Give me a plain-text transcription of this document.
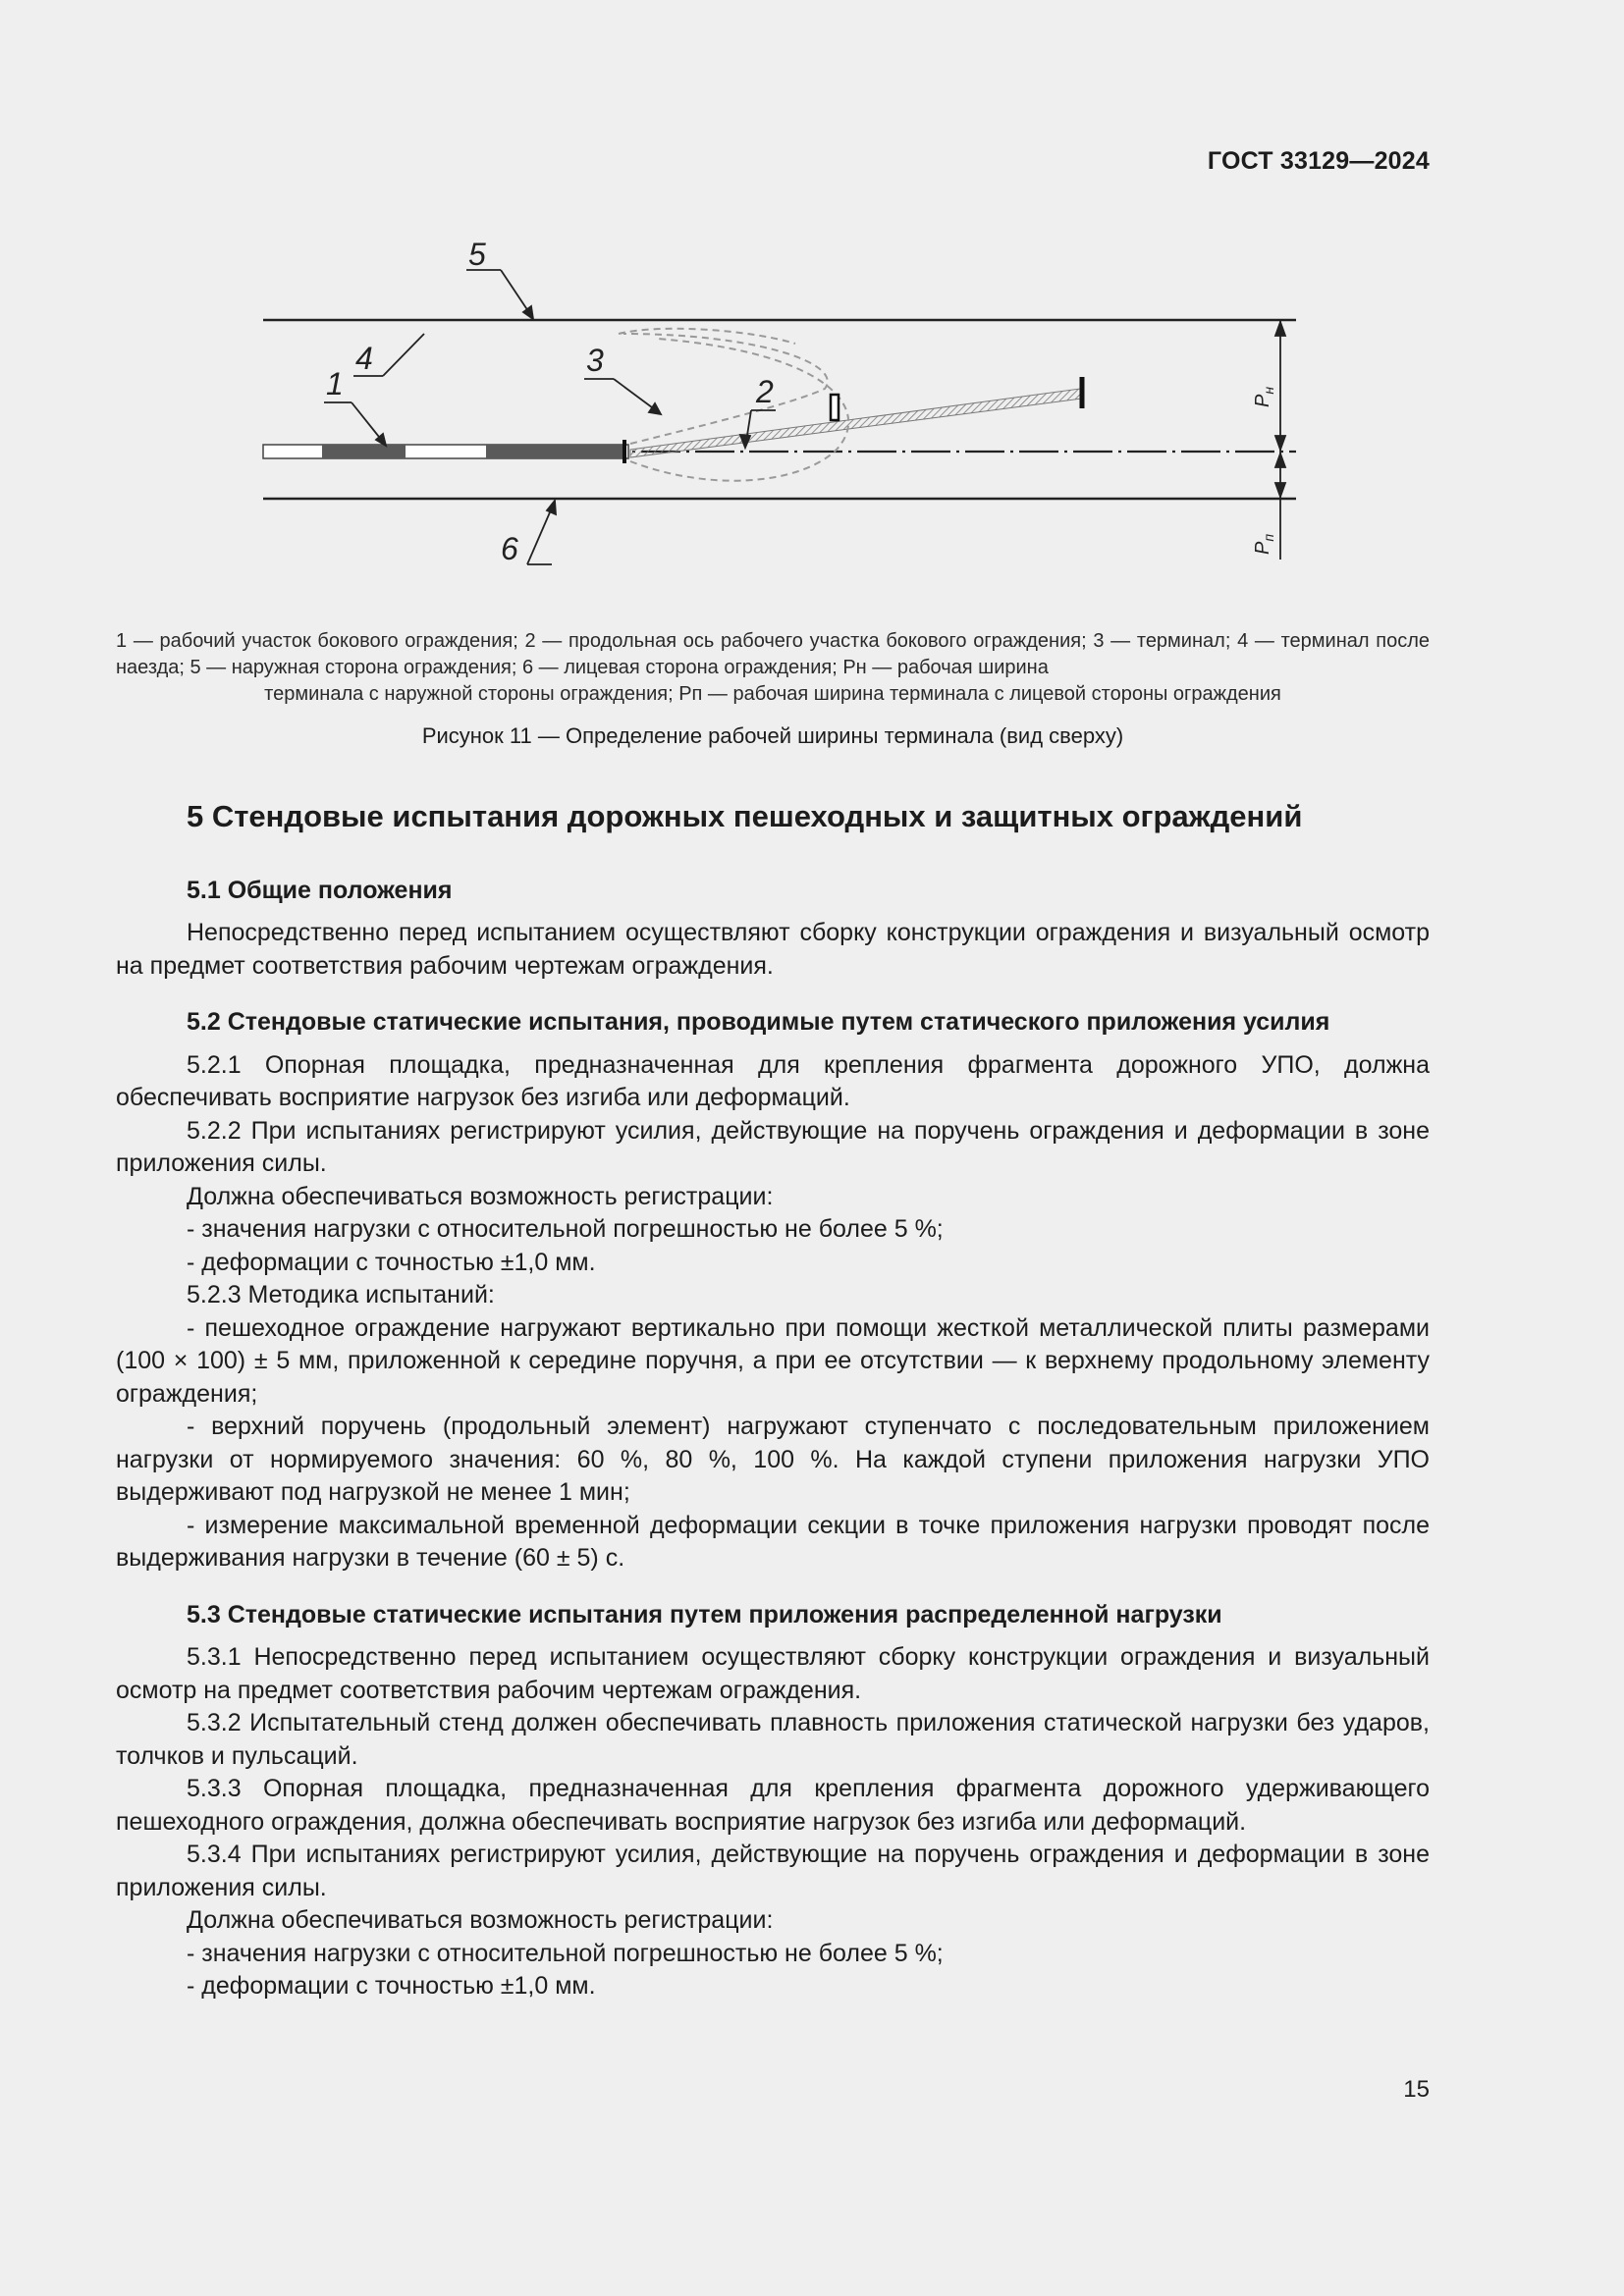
ГОСТ 33129—2024
$P_н$
$P_п$
5
4
1
3
2
6
1 — рабочий участок бокового ограждения; 2 — продольная ось рабочего участка бокового ограждения; 3 — терминал; 4 — терминал после наезда; 5 — наружная сторона ограждения; 6 — лицевая сторона ограждения; Pн — рабочая ширина
терминала с наружной стороны ограждения; Pп — рабочая ширина терминала с лицевой стороны ограждения
Рисунок 11 — Определение рабочей ширины терминала (вид сверху)
5 Стендовые испытания дорожных пешеходных и защитных ограждений
5.1 Общие положения

Непосредственно перед испытанием осуществляют сборку конструкции ограждения и визуальный осмотр на предмет соответствия рабочим чертежам ограждения.

5.2 Стендовые статические испытания, проводимые путем статического приложения усилия

5.2.1 Опорная площадка, предназначенная для крепления фрагмента дорожного УПО, должна обеспечивать восприятие нагрузок без изгиба или деформаций.

5.2.2 При испытаниях регистрируют усилия, действующие на поручень ограждения и деформации в зоне приложения силы.

Должна обеспечиваться возможность регистрации:

- значения нагрузки с относительной погрешностью не более 5 %;

- деформации с точностью ±1,0 мм.

5.2.3 Методика испытаний:

- пешеходное ограждение нагружают вертикально при помощи жесткой металлической плиты размерами (100 × 100) ± 5 мм, приложенной к середине поручня, а при ее отсутствии — к верхнему продольному элементу ограждения;

- верхний поручень (продольный элемент) нагружают ступенчато с последовательным приложением нагрузки от нормируемого значения: 60 %, 80 %, 100 %. На каждой ступени приложения нагрузки УПО выдерживают под нагрузкой не менее 1 мин;

- измерение максимальной временной деформации секции в точке приложения нагрузки проводят после выдерживания нагрузки в течение (60 ± 5) с.

5.3 Стендовые статические испытания путем приложения распределенной нагрузки

5.3.1 Непосредственно перед испытанием осуществляют сборку конструкции ограждения и визуальный осмотр на предмет соответствия рабочим чертежам ограждения.

5.3.2 Испытательный стенд должен обеспечивать плавность приложения статической нагрузки без ударов, толчков и пульсаций.

5.3.3 Опорная площадка, предназначенная для крепления фрагмента дорожного удерживающего пешеходного ограждения, должна обеспечивать восприятие нагрузок без изгиба или деформаций.

5.3.4 При испытаниях регистрируют усилия, действующие на поручень ограждения и деформации в зоне приложения силы.

Должна обеспечиваться возможность регистрации:

- значения нагрузки с относительной погрешностью не более 5 %;

- деформации с точностью ±1,0 мм.

15
